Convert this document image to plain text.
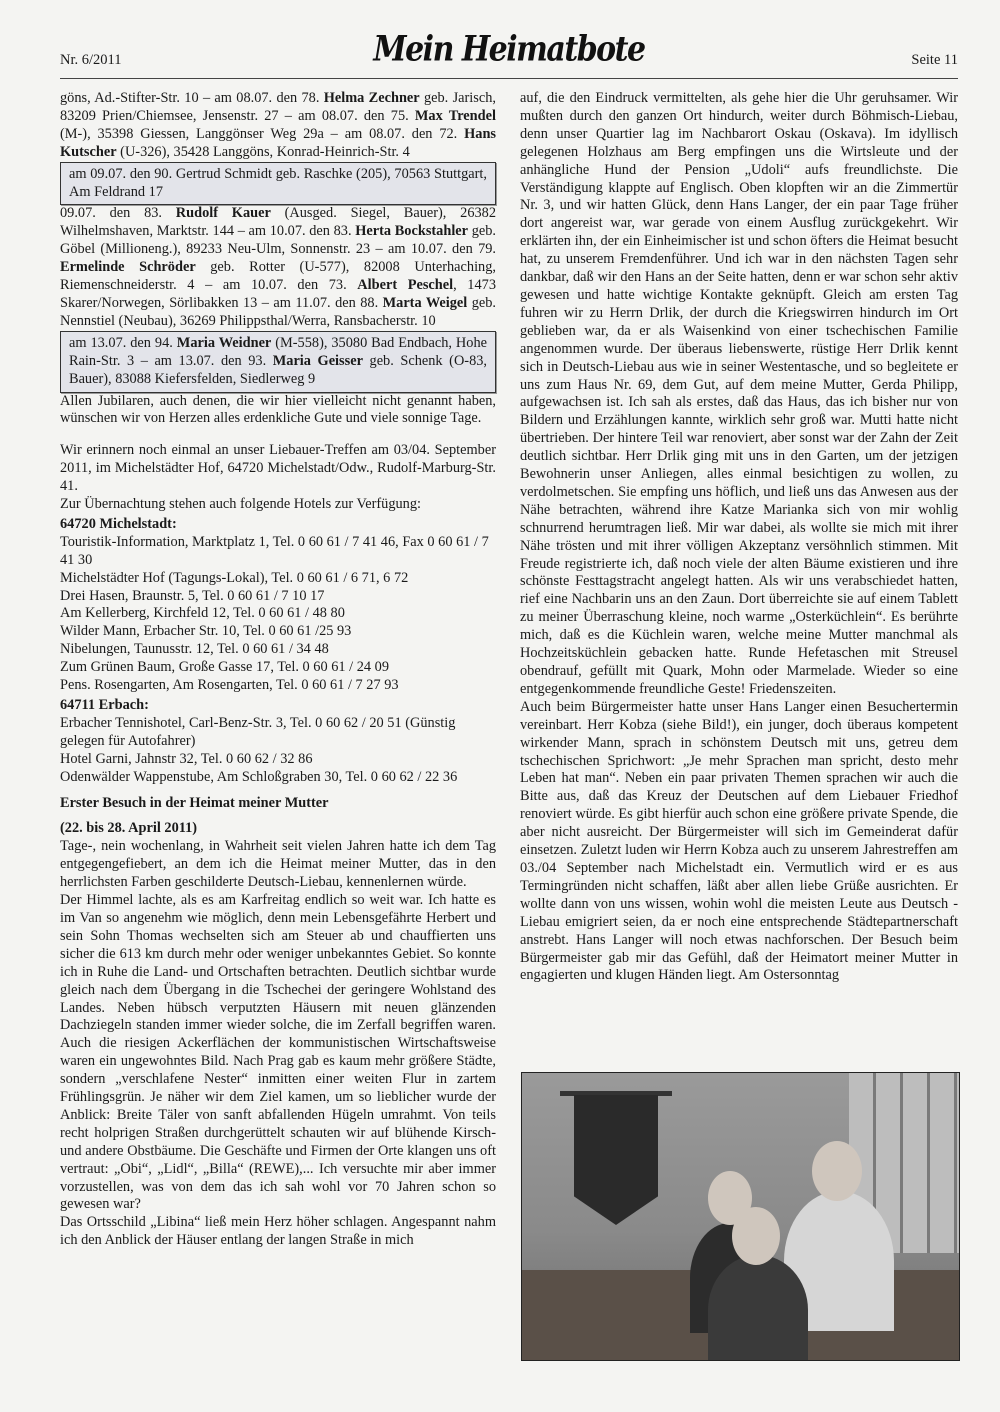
Nr. 6/2011	Mein Heimatbote	Seite 11

göns, Ad.-Stifter-Str. 10 – am 08.07. den 78. Helma Zechner geb. Jarisch, 83209 Prien/Chiemsee, Jensenstr. 27 – am 08.07. den 75. Max Trendel (M-), 35398 Giessen, Langgönser Weg 29a – am 08.07. den 72. Hans Kutscher (U-326), 35428 Langgöns, Konrad-Heinrich-Str. 4

am 09.07. den 90. Gertrud Schmidt geb. Raschke (205), 70563 Stuttgart, Am Feldrand 17

09.07. den 83. Rudolf Kauer (Ausged. Siegel, Bauer), 26382 Wilhelmshaven, Marktstr. 144 – am 10.07. den 83. Herta Bockstahler geb. Göbel (Millioneng.), 89233 Neu-Ulm, Sonnenstr. 23 – am 10.07. den 79. Ermelinde Schröder geb. Rotter (U-577), 82008 Unterhaching, Riemenschneiderstr. 4 – am 10.07. den 73. Albert Peschel, 1473 Skarer/Norwegen, Sörlibakken 13 – am 11.07. den 88. Marta Weigel geb. Nennstiel (Neubau), 36269 Philippsthal/Werra, Ransbacherstr. 10

am 13.07. den 94. Maria Weidner (M-558), 35080 Bad Endbach, Hohe Rain-Str. 3 – am 13.07. den 93. Maria Geisser geb. Schenk (O-83, Bauer), 83088 Kiefersfelden, Siedlerweg 9

Allen Jubilaren, auch denen, die wir hier vielleicht nicht genannt haben, wünschen wir von Herzen alles erdenkliche Gute und viele sonnige Tage.

Wir erinnern noch einmal an unser Liebauer-Treffen am 03/04. September 2011, im Michelstädter Hof, 64720 Michelstadt/Odw., Rudolf-Marburg-Str. 41.

Zur Übernachtung stehen auch folgende Hotels zur Verfügung:

64720 Michelstadt:

Touristik-Information, Marktplatz 1, Tel. 0 60 61 / 7 41 46, Fax 0 60 61 / 7 41 30

Michelstädter Hof (Tagungs-Lokal), Tel. 0 60 61 / 6 71, 6 72

Drei Hasen, Braunstr. 5, Tel. 0 60 61 / 7 10 17

Am Kellerberg, Kirchfeld 12, Tel. 0 60 61 / 48 80

Wilder Mann, Erbacher Str. 10, Tel. 0 60 61 /25 93

Nibelungen, Taunusstr. 12, Tel. 0 60 61 / 34 48

Zum Grünen Baum, Große Gasse 17, Tel. 0 60 61 / 24 09

Pens. Rosengarten, Am Rosengarten, Tel. 0 60 61 / 7 27 93

64711 Erbach:

Erbacher Tennishotel, Carl-Benz-Str. 3, Tel. 0 60 62 / 20 51 (Günstig gelegen für Autofahrer)

Hotel Garni, Jahnstr 32, Tel. 0 60 62 / 32 86

Odenwälder Wappenstube, Am Schloßgraben 30, Tel. 0 60 62 / 22 36

Erster Besuch in der Heimat meiner Mutter

(22. bis 28. April 2011)

Tage-, nein wochenlang, in Wahrheit seit vielen Jahren hatte ich dem Tag entgegengefiebert, an dem ich die Heimat meiner Mutter, das in den herrlichsten Farben geschilderte Deutsch-Liebau, kennenlernen würde.

Der Himmel lachte, als es am Karfreitag endlich so weit war. Ich hatte es im Van so angenehm wie möglich, denn mein Lebensgefährte Herbert und sein Sohn Thomas wechselten sich am Steuer ab und chauffierten uns sicher die 613 km durch mehr oder weniger unbekanntes Gebiet. So konnte ich in Ruhe die Land- und Ortschaften betrachten. Deutlich sichtbar wurde gleich nach dem Übergang in die Tschechei der geringere Wohlstand des Landes. Neben hübsch verputzten Häusern mit neuen glänzenden Dachziegeln standen immer wieder solche, die im Zerfall begriffen waren. Auch die riesigen Ackerflächen der kommunistischen Wirtschaftsweise waren ein ungewohntes Bild. Nach Prag gab es kaum mehr größere Städte, sondern „verschlafene Nester“ inmitten einer weiten Flur in zartem Frühlingsgrün. Je näher wir dem Ziel kamen, um so lieblicher wurde der Anblick: Breite Täler von sanft abfallenden Hügeln umrahmt. Von teils recht holprigen Straßen durchgerüttelt schauten wir auf blühende Kirsch- und andere Obstbäume. Die Geschäfte und Firmen der Orte klangen uns oft vertraut: „Obi“, „Lidl“, „Billa“ (REWE),... Ich versuchte mir aber immer vorzustellen, was von dem das ich sah wohl vor 70 Jahren schon so gewesen war?

Das Ortsschild „Libina“ ließ mein Herz höher schlagen. Angespannt nahm ich den Anblick der Häuser entlang der langen Straße in mich

auf, die den Eindruck vermittelten, als gehe hier die Uhr geruhsamer. Wir mußten durch den ganzen Ort hindurch, weiter durch Böhmisch-Liebau, denn unser Quartier lag im Nachbarort Oskau (Oskava). Im idyllisch gelegenen Holzhaus am Berg empfingen uns die Wirtsleute und der anhängliche Hund der Pension „Udoli“ aufs freundlichste. Die Verständigung klappte auf Englisch. Oben klopften wir an die Zimmertür Nr. 3, und wir hatten Glück, denn Hans Langer, der ein paar Tage früher dort angereist war, war gerade von einem Ausflug zurückgekehrt. Wir erklärten ihn, der ein Einheimischer ist und schon öfters die Heimat besucht hat, zu unserem Fremdenführer. Und ich war in den nächsten Tagen sehr dankbar, daß wir den Hans an der Seite hatten, denn er war schon sehr aktiv gewesen und hatte wichtige Kontakte geknüpft. Gleich am ersten Tag fuhren wir zu Herrn Drlik, der durch die Kriegswirren hindurch im Ort geblieben war, da er als Waisenkind von einer tschechischen Familie angenommen wurde. Der überaus liebenswerte, rüstige Herr Drlik kennt sich in Deutsch-Liebau aus wie in seiner Westentasche, und so begleitete er uns zum Haus Nr. 69, dem Gut, auf dem meine Mutter, Gerda Philipp, aufgewachsen ist. Ich sah als erstes, daß das Haus, das ich bisher nur von Bildern und Erzählungen kannte, wirklich sehr groß war. Mutti hatte nicht übertrieben. Der hintere Teil war renoviert, aber sonst war der Zahn der Zeit deutlich sichtbar. Herr Drlik ging mit uns in den Garten, um der jetzigen Bewohnerin unser Anliegen, alles einmal besichtigen zu wollen, zu verdolmetschen. Sie empfing uns höflich, und ließ uns das Anwesen aus der Nähe betrachten, während ihre Katze Marianka sich von mir wohlig schnurrend herumtragen ließ. Mir war dabei, als wollte sie mich mit ihrer Nähe trösten und mit ihrer völligen Akzeptanz versöhnlich stimmen. Mit Freude registrierte ich, daß noch viele der alten Bäume existieren und ihre schönste Festtagstracht angelegt hatten. Als wir uns verabschiedet hatten, rief eine Nachbarin uns an den Zaun. Dort überreichte sie auf einem Tablett zu meiner Überraschung kleine, noch warme „Osterküchlein“. Es berührte mich, daß es die Küchlein waren, welche meine Mutter manchmal als Hochzeitsküchlein gebacken hatte. Runde Hefetaschen mit Streusel obendrauf, gefüllt mit Quark, Mohn oder Marmelade. Wieder so eine entgegenkommende freundliche Geste! Friedenszeiten.

Auch beim Bürgermeister hatte unser Hans Langer einen Besuchertermin vereinbart. Herr Kobza (siehe Bild!), ein junger, doch überaus kompetent wirkender Mann, sprach in schönstem Deutsch mit uns, getreu dem tschechischen Sprichwort: „Je mehr Sprachen man spricht, desto mehr Leben hat man“. Neben ein paar privaten Themen sprachen wir auch die Bitte aus, daß das Kreuz der Deutschen auf dem Liebauer Friedhof renoviert würde. Es gibt hierfür auch schon eine größere private Spende, die aber nicht ausreicht. Der Bürgermeister will sich im Gemeinderat dafür einsetzen. Zuletzt luden wir Herrn Kobza auch zu unserem Jahrestreffen am 03./04 September nach Michelstadt ein. Vermutlich wird er es aus Termingründen nicht schaffen, läßt aber allen liebe Grüße ausrichten. Er wollte dann von uns wissen, wohin wohl die meisten Leute aus Deutsch - Liebau emigriert seien, da er noch eine entsprechende Städtepartnerschaft anstrebt. Hans Langer will noch etwas nachforschen. Der Besuch beim Bürgermeister gab mir das Gefühl, daß der Heimatort meiner Mutter in engagierten und klugen Händen liegt. Am Ostersonntag
